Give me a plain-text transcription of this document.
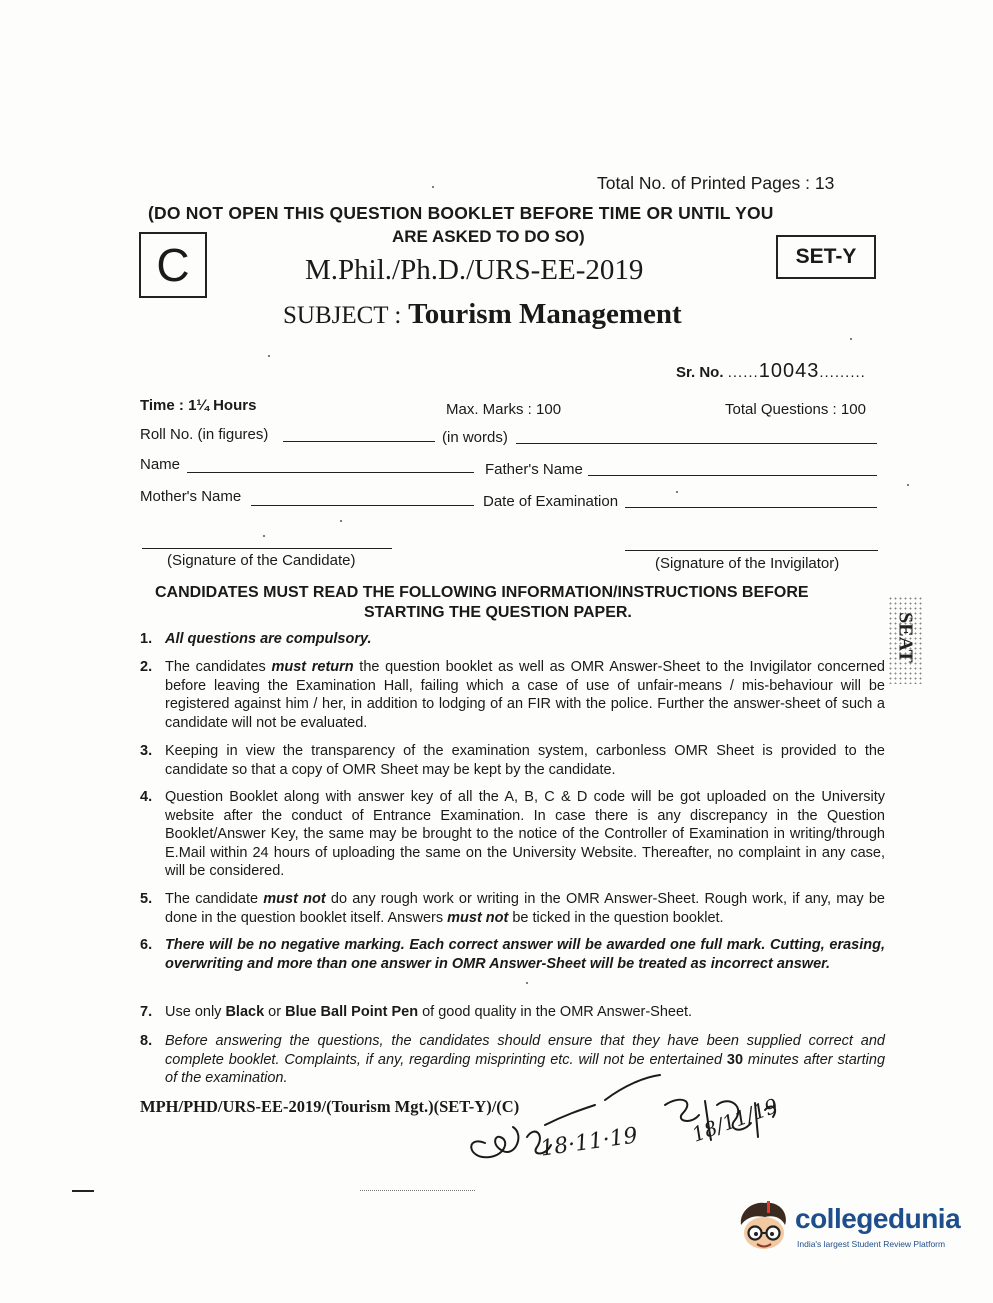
Total No. of Printed Pages : 13
(DO NOT OPEN THIS QUESTION BOOKLET BEFORE TIME OR UNTIL YOU
ARE ASKED TO DO SO)
C	SET-Y
M.Phil./Ph.D./URS-EE-2019
SUBJECT : Tourism Management
Sr. No. ......10043.........
Time : 1¼ Hours	Max. Marks : 100	Total Questions : 100
Roll No. (in figures)	(in words)
Name	Father's Name
Mother's Name	Date of Examination
(Signature of the Candidate)	(Signature of the Invigilator)
CANDIDATES MUST READ THE FOLLOWING INFORMATION/INSTRUCTIONS BEFORE
STARTING THE QUESTION PAPER.
1. All questions are compulsory.
2. The candidates must return the question booklet as well as OMR Answer-Sheet to the Invigilator concerned before leaving the Examination Hall, failing which a case of use of unfair-means / mis-behaviour will be registered against him / her, in addition to lodging of an FIR with the police. Further the answer-sheet of such a candidate will not be evaluated.
3. Keeping in view the transparency of the examination system, carbonless OMR Sheet is provided to the candidate so that a copy of OMR Sheet may be kept by the candidate.
4. Question Booklet along with answer key of all the A, B, C & D code will be got uploaded on the University website after the conduct of Entrance Examination. In case there is any discrepancy in the Question Booklet/Answer Key, the same may be brought to the notice of the Controller of Examination in writing/through E.Mail within 24 hours of uploading the same on the University Website. Thereafter, no complaint in any case, will be considered.
5. The candidate must not do any rough work or writing in the OMR Answer-Sheet. Rough work, if any, may be done in the question booklet itself. Answers must not be ticked in the question booklet.
6. There will be no negative marking. Each correct answer will be awarded one full mark. Cutting, erasing, overwriting and more than one answer in OMR Answer-Sheet will be treated as incorrect answer.
7. Use only Black or Blue Ball Point Pen of good quality in the OMR Answer-Sheet.
8. Before answering the questions, the candidates should ensure that they have been supplied correct and complete booklet. Complaints, if any, regarding misprinting etc. will not be entertained 30 minutes after starting of the examination.
MPH/PHD/URS-EE-2019/(Tourism Mgt.)(SET-Y)/(C)
18·11·19 18/11/19
SEAT
collegedunia
India's largest Student Review Platform
